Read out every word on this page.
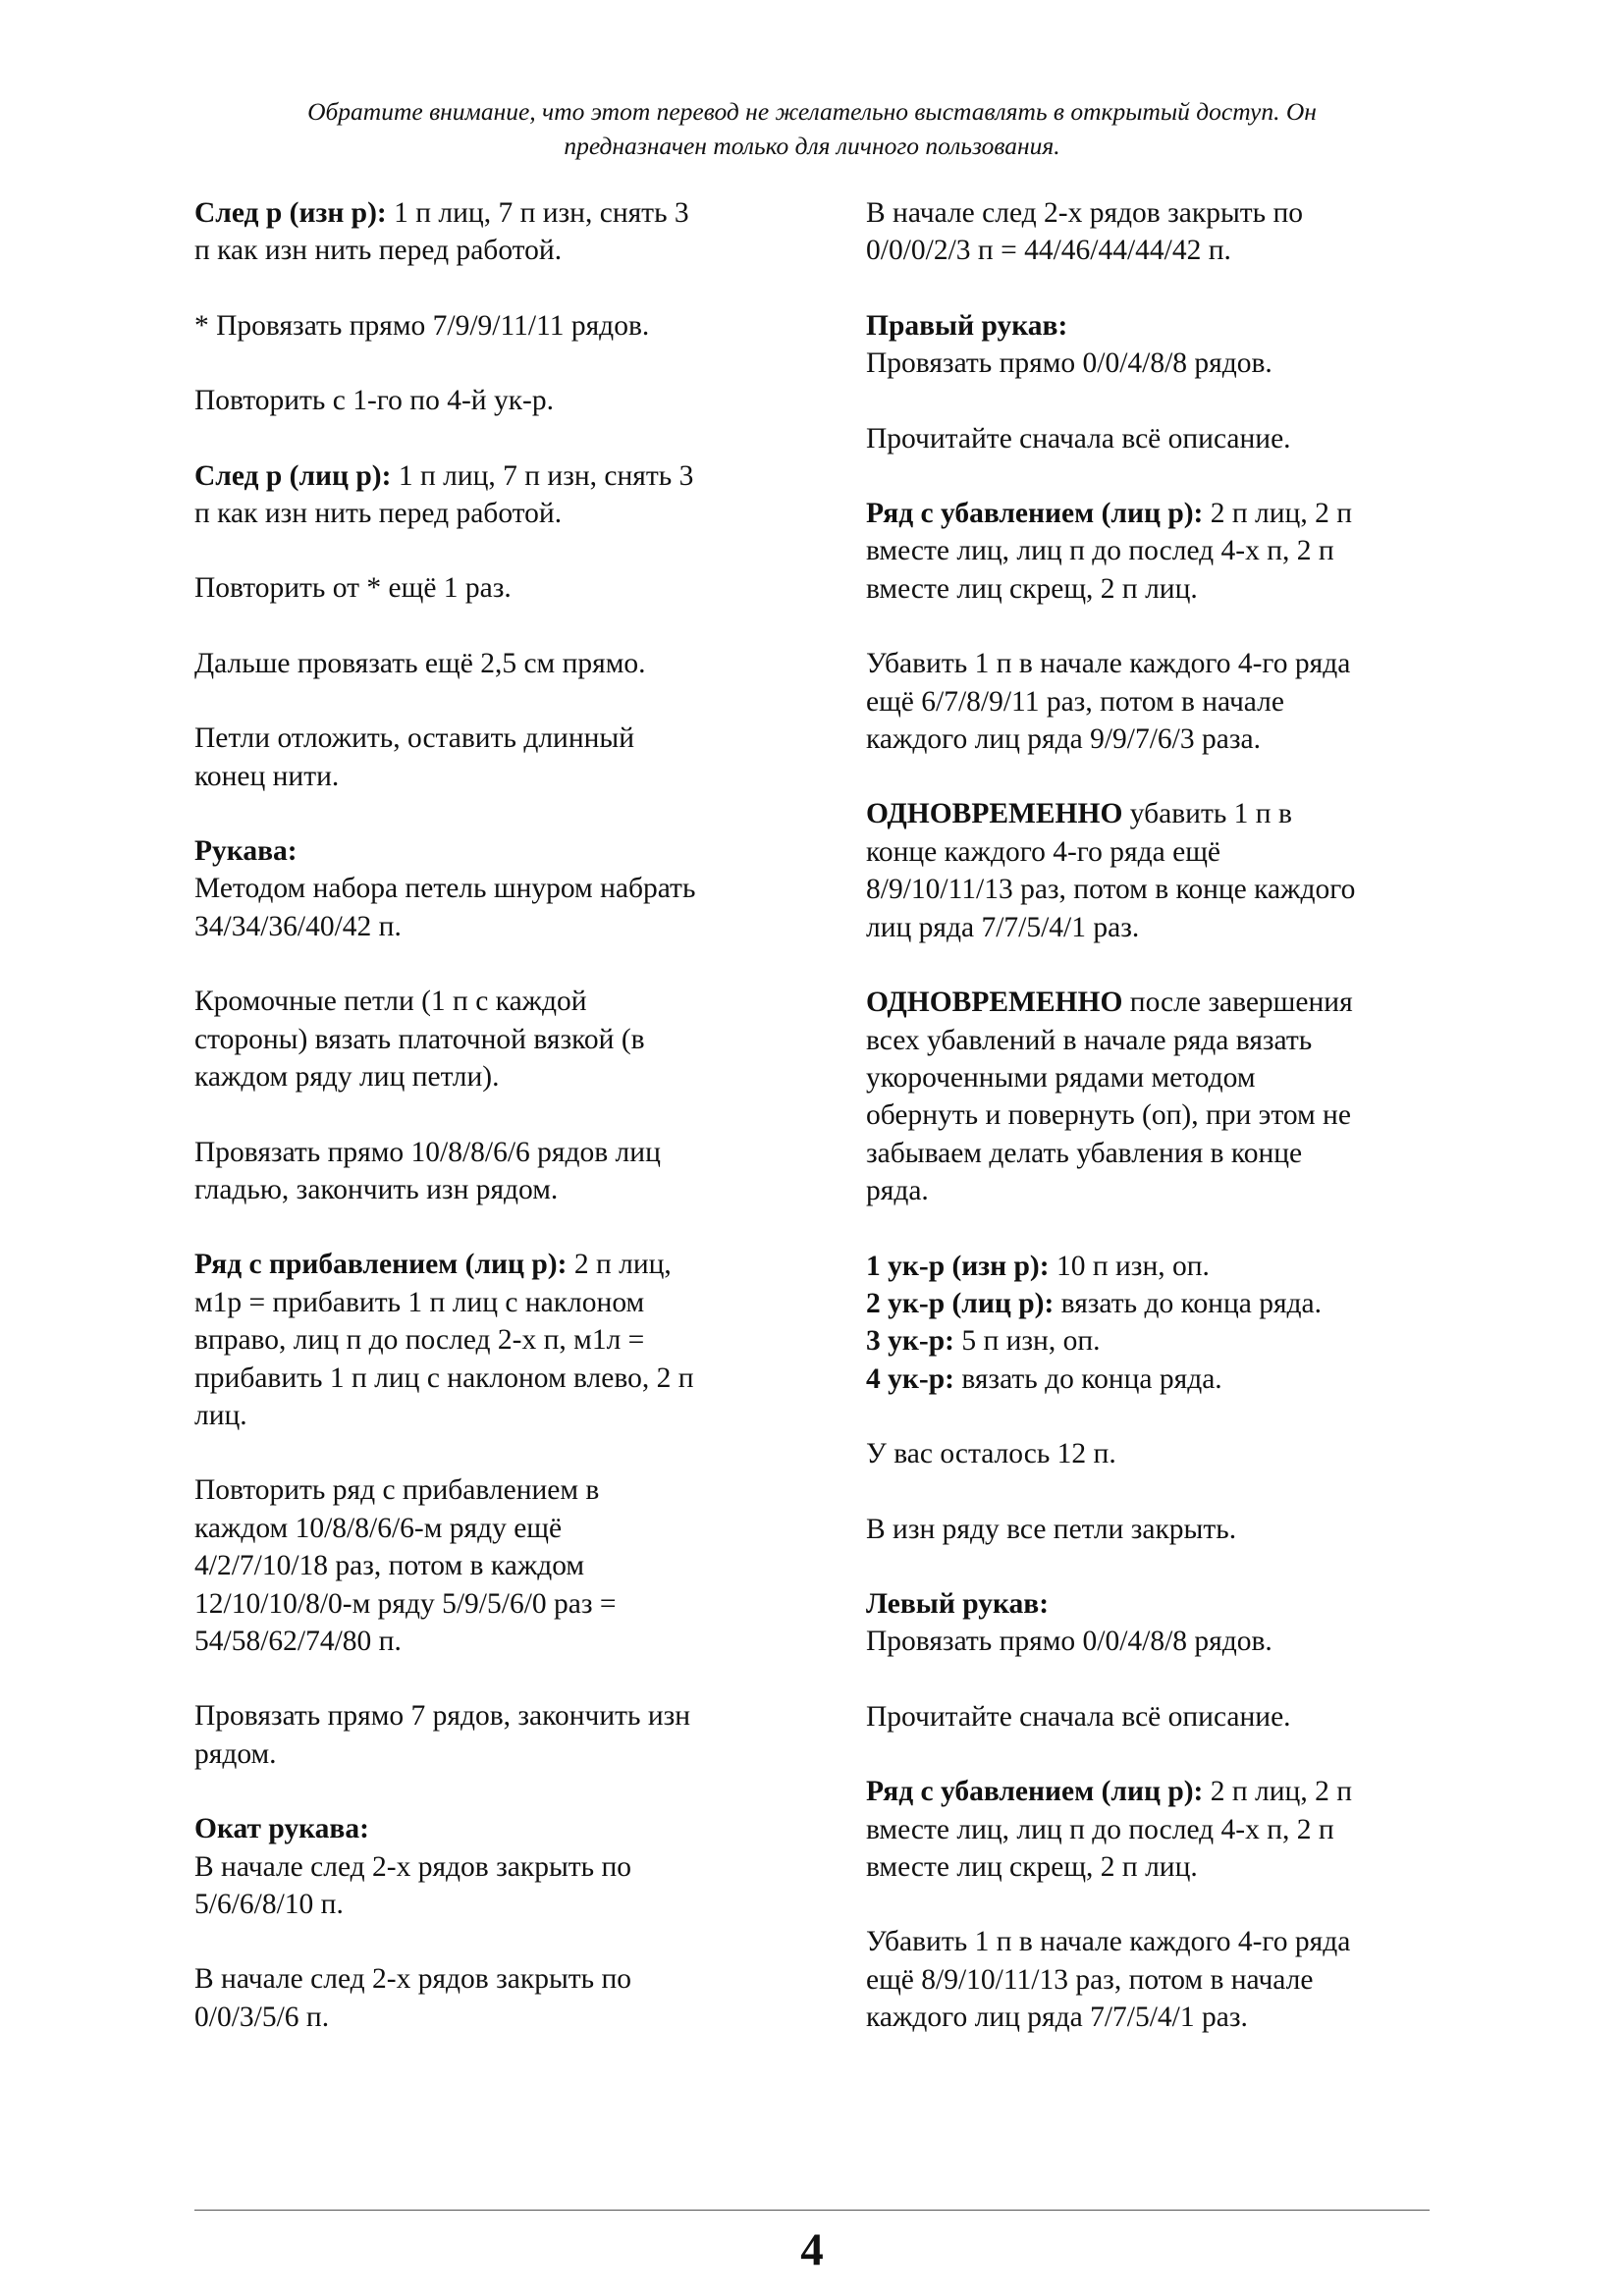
Обратите внимание, что этот перевод не желательно выставлять в открытый доступ. Он
предназначен только для личного пользования.
След р (изн р): 1 п лиц, 7 п изн, снять 3
п как изн нить перед работой.
* Провязать прямо 7/9/9/11/11 рядов.
Повторить с 1-го по 4-й ук-р.
След р (лиц р): 1 п лиц, 7 п изн, снять 3
п как изн нить перед работой.
Повторить от * ещё 1 раз.
Дальше провязать ещё 2,5 см прямо.
Петли отложить, оставить длинный
конец нити.
Рукава:
Методом набора петель шнуром набрать
34/34/36/40/42 п.
Кромочные петли (1 п с каждой
стороны) вязать платочной вязкой (в
каждом ряду лиц петли).
Провязать прямо 10/8/8/6/6 рядов лиц
гладью, закончить изн рядом.
Ряд с прибавлением (лиц р): 2 п лиц,
м1р = прибавить 1 п лиц с наклоном
вправо, лиц п до послед 2-х п, м1л =
прибавить 1 п лиц с наклоном влево, 2 п
лиц.
Повторить ряд с прибавлением в
каждом 10/8/8/6/6-м ряду ещё
4/2/7/10/18 раз, потом в каждом
12/10/10/8/0-м ряду 5/9/5/6/0 раз =
54/58/62/74/80 п.
Провязать прямо 7 рядов, закончить изн
рядом.
Окат рукава:
В начале след 2-х рядов закрыть по
5/6/6/8/10 п.
В начале след 2-х рядов закрыть по
0/0/3/5/6 п.
В начале след 2-х рядов закрыть по
0/0/0/2/3 п = 44/46/44/44/42 п.
Правый рукав:
Провязать прямо 0/0/4/8/8 рядов.
Прочитайте сначала всё описание.
Ряд с убавлением (лиц р): 2 п лиц, 2 п
вместе лиц, лиц п до послед 4-х п, 2 п
вместе лиц скрещ, 2 п лиц.
Убавить 1 п в начале каждого 4-го ряда
ещё 6/7/8/9/11 раз, потом в начале
каждого лиц ряда 9/9/7/6/3 раза.
ОДНОВРЕМЕННО убавить 1 п в
конце каждого 4-го ряда ещё
8/9/10/11/13 раз, потом в конце каждого
лиц ряда 7/7/5/4/1 раз.
ОДНОВРЕМЕННО после завершения
всех убавлений в начале ряда вязать
укороченными рядами методом
обернуть и повернуть (оп), при этом не
забываем делать убавления в конце
ряда.
1 ук-р (изн р): 10 п изн, оп.
2 ук-р (лиц р): вязать до конца ряда.
3 ук-р: 5 п изн, оп.
4 ук-р: вязать до конца ряда.
У вас осталось 12 п.
В изн ряду все петли закрыть.
Левый рукав:
Провязать прямо 0/0/4/8/8 рядов.
Прочитайте сначала всё описание.
Ряд с убавлением (лиц р): 2 п лиц, 2 п
вместе лиц, лиц п до послед 4-х п, 2 п
вместе лиц скрещ, 2 п лиц.
Убавить 1 п в начале каждого 4-го ряда
ещё 8/9/10/11/13 раз, потом в начале
каждого лиц ряда 7/7/5/4/1 раз.
4
